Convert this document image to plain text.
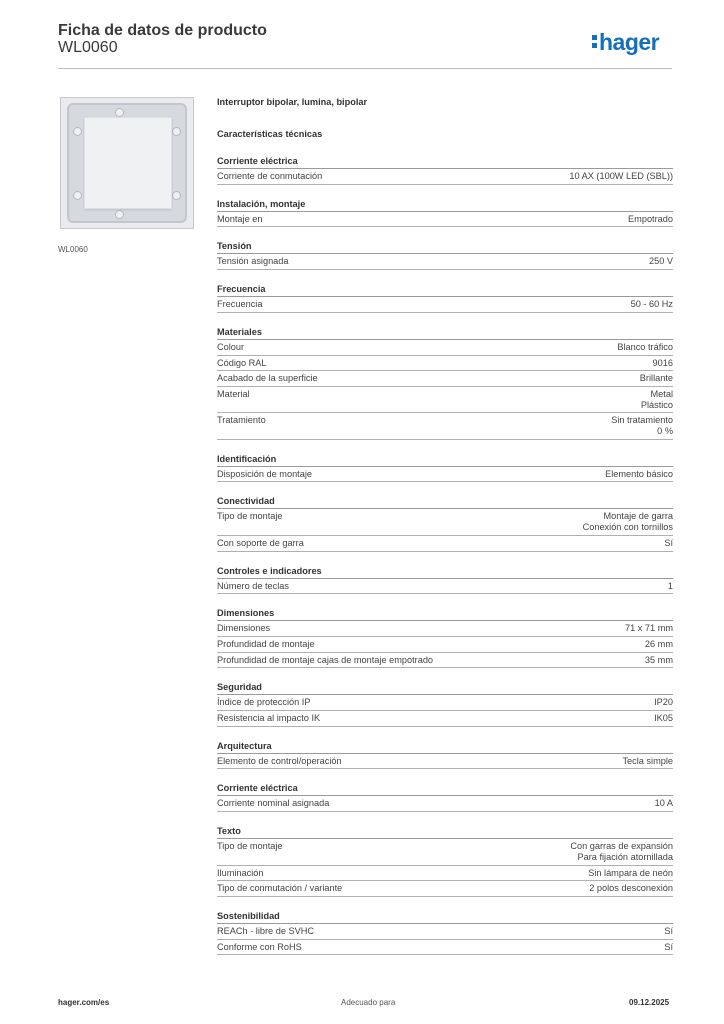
Ficha de datos de producto
WL0060	hager
WL0060
Interruptor bipolar, lumina, bipolar
Características técnicas
Corriente eléctrica
Corriente de conmutación	10 AX (100W LED (SBL))
Instalación, montaje
Montaje en	Empotrado
Tensión
Tensión asignada	250 V
Frecuencia
Frecuencia	50 - 60 Hz
Materiales
Colour	Blanco tráfico
Código RAL	9016
Acabado de la superficie	Brillante
Material	Metal
Plástico
Tratamiento	Sin tratamiento
0 %
Identificación
Disposición de montaje	Elemento básico
Conectividad
Tipo de montaje	Montaje de garra
Conexión con tornillos
Con soporte de garra	Sí
Controles e indicadores
Número de teclas	1
Dimensiones
Dimensiones	71 x 71 mm
Profundidad de montaje	26 mm
Profundidad de montaje cajas de montaje empotrado	35 mm
Seguridad
Índice de protección IP	IP20
Resistencia al impacto IK	IK05
Arquitectura
Elemento de control/operación	Tecla simple
Corriente eléctrica
Corriente nominal asignada	10 A
Texto
Tipo de montaje	Con garras de expansión
Para fijación atornillada
Iluminación	Sin lámpara de neón
Tipo de conmutación / variante	2 polos desconexión
Sostenibilidad
REACh - libre de SVHC	Sí
Conforme con RoHS	Sí
hager.com/es	Adecuado para	09.12.2025
